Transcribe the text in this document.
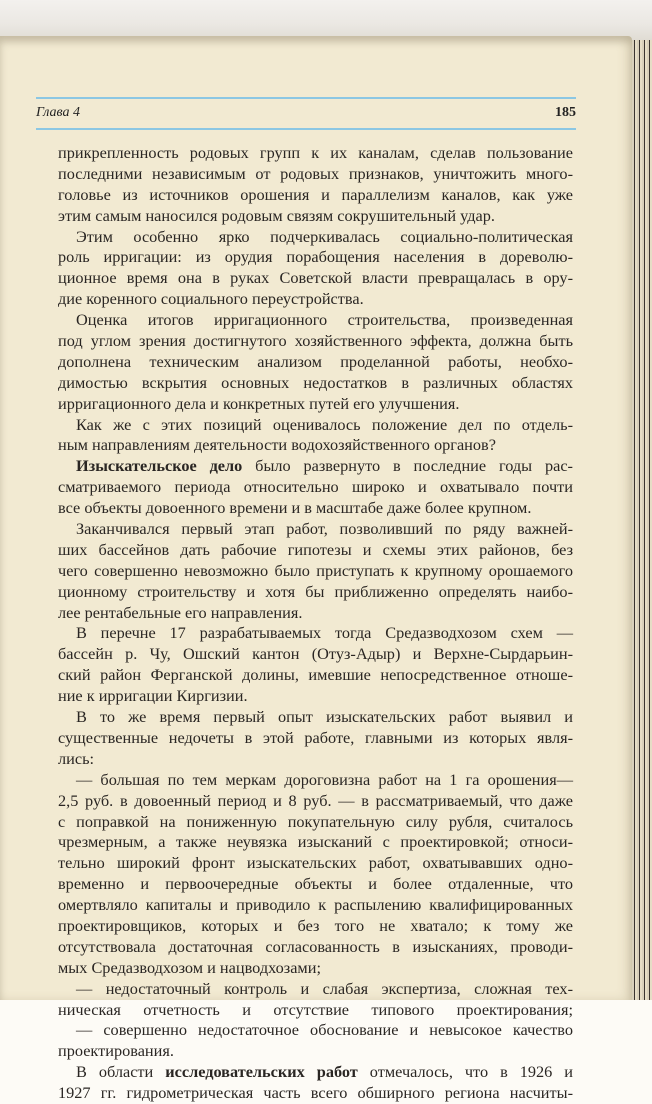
Глава 4	185
прикрепленность родовых групп к их каналам, сделав пользование
последними независимым от родовых признаков, уничтожить много-
головье из источников орошения и параллелизм каналов, как уже
этим самым наносился родовым связям сокрушительный удар.
Этим особенно ярко подчеркивалась социально-политическая
роль ирригации: из орудия порабощения населения в дореволю-
ционное время она в руках Советской власти превращалась в ору-
дие коренного социального переустройства.
Оценка итогов ирригационного строительства, произведенная
под углом зрения достигнутого хозяйственного эффекта, должна быть
дополнена техническим анализом проделанной работы, необхо-
димостью вскрытия основных недостатков в различных областях
ирригационного дела и конкретных путей его улучшения.
Как же с этих позиций оценивалось положение дел по отдель-
ным направлениям деятельности водохозяйственного органов?
Изыскательское дело было развернуто в последние годы рас-
сматриваемого периода относительно широко и охватывало почти
все объекты довоенного времени и в масштабе даже более крупном.
Заканчивался первый этап работ, позволивший по ряду важней-
ших бассейнов дать рабочие гипотезы и схемы этих районов, без
чего совершенно невозможно было приступать к крупному орошаемого
ционному строительству и хотя бы приближенно определять наибо-
лее рентабельные его направления.
В перечне 17 разрабатываемых тогда Средазводхозом схем —
бассейн р. Чу, Ошский кантон (Отуз-Адыр) и Верхне-Сырдарьин-
ский район Ферганской долины, имевшие непосредственное отноше-
ние к ирригации Киргизии.
В то же время первый опыт изыскательских работ выявил и
существенные недочеты в этой работе, главными из которых явля-
лись:
— большая по тем меркам дороговизна работ на 1 га орошения—
2,5 руб. в довоенный период и 8 руб. — в рассматриваемый, что даже
с поправкой на пониженную покупательную силу рубля, считалось
чрезмерным, а также неувязка изысканий с проектировкой; относи-
тельно широкий фронт изыскательских работ, охватывавших одно-
временно и первоочередные объекты и более отдаленные, что
омертвляло капиталы и приводило к распылению квалифицированных
проектировщиков, которых и без того не хватало; к тому же
отсутствовала достаточная согласованность в изысканиях, проводи-
мых Средазводхозом и нацводхозами;
— недостаточный контроль и слабая экспертиза, сложная тех-
ническая отчетность и отсутствие типового проектирования;
— совершенно недостаточное обоснование и невысокое качество
проектирования.
В области исследовательских работ отмечалось, что в 1926 и
1927 гг. гидрометрическая часть всего обширного региона насчиты-
